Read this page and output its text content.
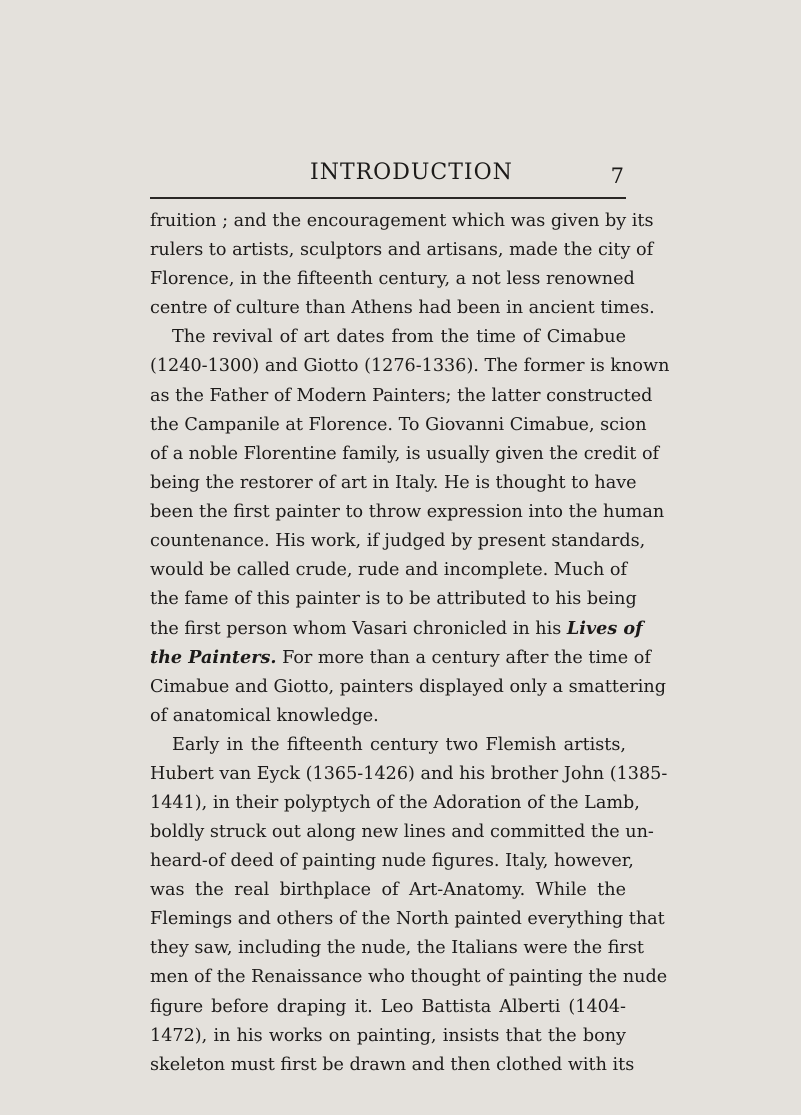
INTRODUCTION	7
fruition ; and the encouragement which was given by its
rulers to artists, sculptors and artisans, made the city of
Florence, in the fifteenth century, a not less renowned
centre of culture than Athens had been in ancient times.
The revival of art dates from the time of Cimabue
(1240-1300) and Giotto (1276-1336). The former is known
as the Father of Modern Painters; the latter constructed
the Campanile at Florence. To Giovanni Cimabue, scion
of a noble Florentine family, is usually given the credit of
being the restorer of art in Italy. He is thought to have
been the first painter to throw expression into the human
countenance. His work, if judged by present standards,
would be called crude, rude and incomplete. Much of
the fame of this painter is to be attributed to his being
the first person whom Vasari chronicled in his Lives of
the Painters. For more than a century after the time of
Cimabue and Giotto, painters displayed only a smattering
of anatomical knowledge.
Early in the fifteenth century two Flemish artists,
Hubert van Eyck (1365-1426) and his brother John (1385-
1441), in their polyptych of the Adoration of the Lamb,
boldly struck out along new lines and committed the un-
heard-of deed of painting nude figures. Italy, however,
was the real birthplace of Art-Anatomy. While the
Flemings and others of the North painted everything that
they saw, including the nude, the Italians were the first
men of the Renaissance who thought of painting the nude
figure before draping it. Leo Battista Alberti (1404-
1472), in his works on painting, insists that the bony
skeleton must first be drawn and then clothed with its
